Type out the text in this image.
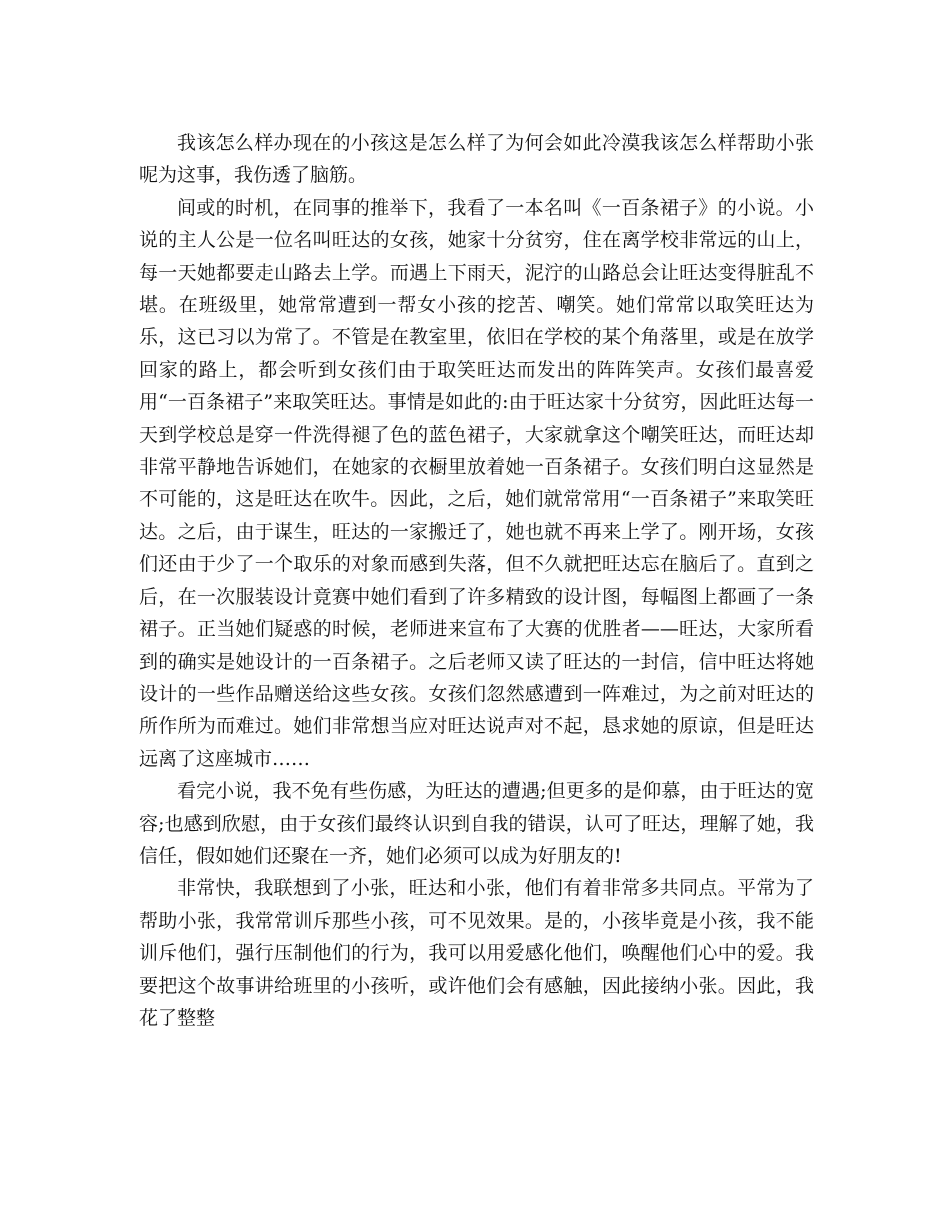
我该怎么样办现在的小孩这是怎么样了为何会如此冷漠我该怎么样帮助小张呢为这事，我伤透了脑筋。

间或的时机，在同事的推举下，我看了一本名叫《一百条裙子》的小说。小说的主人公是一位名叫旺达的女孩，她家十分贫穷，住在离学校非常远的山上，每一天她都要走山路去上学。而遇上下雨天，泥泞的山路总会让旺达变得脏乱不堪。在班级里，她常常遭到一帮女小孩的挖苦、嘲笑。她们常常以取笑旺达为乐，这已习以为常了。不管是在教室里，依旧在学校的某个角落里，或是在放学回家的路上，都会听到女孩们由于取笑旺达而发出的阵阵笑声。女孩们最喜爱用“一百条裙子”来取笑旺达。事情是如此的:由于旺达家十分贫穷，因此旺达每一天到学校总是穿一件洗得褪了色的蓝色裙子，大家就拿这个嘲笑旺达，而旺达却非常平静地告诉她们，在她家的衣橱里放着她一百条裙子。女孩们明白这显然是不可能的，这是旺达在吹牛。因此，之后，她们就常常用“一百条裙子”来取笑旺达。之后，由于谋生，旺达的一家搬迁了，她也就不再来上学了。刚开场，女孩们还由于少了一个取乐的对象而感到失落，但不久就把旺达忘在脑后了。直到之后，在一次服装设计竟赛中她们看到了许多精致的设计图，每幅图上都画了一条裙子。正当她们疑惑的时候，老师进来宣布了大赛的优胜者——旺达，大家所看到的确实是她设计的一百条裙子。之后老师又读了旺达的一封信，信中旺达将她设计的一些作品赠送给这些女孩。女孩们忽然感遭到一阵难过，为之前对旺达的所作所为而难过。她们非常想当应对旺达说声对不起，恳求她的原谅，但是旺达远离了这座城市……

看完小说，我不免有些伤感，为旺达的遭遇;但更多的是仰慕，由于旺达的宽容;也感到欣慰，由于女孩们最终认识到自我的错误，认可了旺达，理解了她，我信任，假如她们还聚在一齐，她们必须可以成为好朋友的!

非常快，我联想到了小张，旺达和小张，他们有着非常多共同点。平常为了帮助小张，我常常训斥那些小孩，可不见效果。是的，小孩毕竟是小孩，我不能训斥他们，强行压制他们的行为，我可以用爱感化他们，唤醒他们心中的爱。我要把这个故事讲给班里的小孩听，或许他们会有感触，因此接纳小张。因此，我花了整整
